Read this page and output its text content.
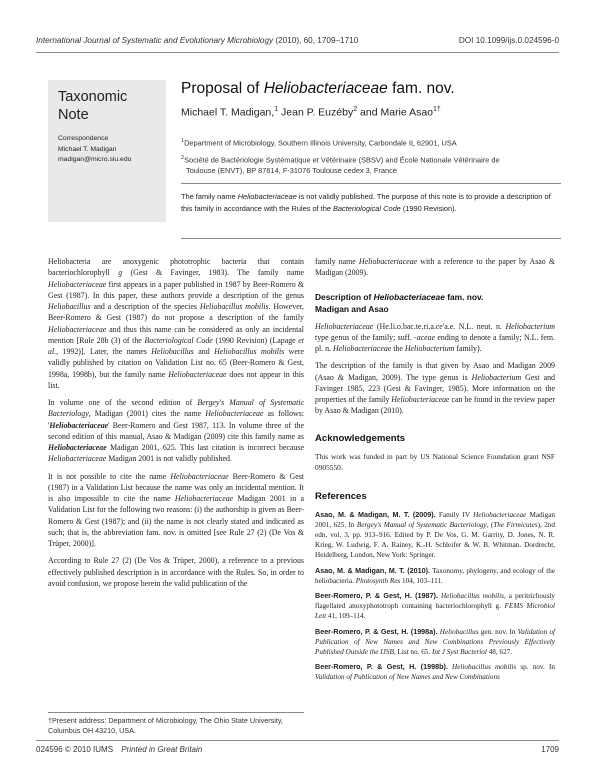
International Journal of Systematic and Evolutionary Microbiology (2010), 60, 1709–1710	DOI 10.1099/ijs.0.024596-0
Taxonomic
Note
Correspondence
Michael T. Madigan
madigan@micro.siu.edu
Proposal of Heliobacteriaceae fam. nov.
Michael T. Madigan,$^1$ Jean P. Euzéby$^2$ and Marie Asao$^{1\dagger}$
$^1$Department of Microbiology, Southern Illinois University, Carbondale IL 62901, USA
$^2$Société de Bactériologie Systématique et Vétérinaire (SBSV) and École Nationale Vétérinaire de
Toulouse (ENVT), BP 87614, F-31076 Toulouse cedex 3, France
The family name Heliobacteriaceae is not validly published. The purpose of this note is to provide a description of this family in accordance with the Rules of the Bacteriological Code (1990 Revision).

Heliobacteria are anoxygenic phototrophic bacteria that contain bacteriochlorophyll g (Gest & Favinger, 1983). The family name Heliobacteriaceae first appears in a paper published in 1987 by Beer-Romero & Gest (1987). In this paper, these authors provide a description of the genus Heliobacillus and a description of the species Heliobacillus mobilis. However, Beer-Romero & Gest (1987) do not propose a description of the family Heliobacteriaceae and thus this name can be considered as only an incidental mention [Rule 28b (3) of the Bacteriological Code (1990 Revision) (Lapage et al., 1992)]. Later, the names Heliobacillus and Heliobacillus mobilis were validly published by citation on Validation List no. 65 (Beer-Romero & Gest, 1998a, 1998b), but the family name Heliobacteriaceae does not appear in this list.

In volume one of the second edition of Bergey's Manual of Systematic Bacteriology, Madigan (2001) cites the name Heliobacteriaceae as follows: 'Heliobacteriaceae' Beer-Romero and Gest 1987, 113. In volume three of the second edition of this manual, Asao & Madigan (2009) cite this family name as Heliobacteriaceae Madigan 2001, 625. This last citation is incorrect because Heliobacteriaceae Madigan 2001 is not validly published.

It is not possible to cite the name Heliobacteriaceae Beer-Romero & Gest (1987) in a Validation List because the name was only an incidental mention. It is also impossible to cite the name Heliobacteriaceae Madigan 2001 in a Validation List for the following two reasons: (i) the authorship is given as Beer-Romero & Gest (1987); and (ii) the name is not clearly stated and indicated as such; that is, the abbreviation fam. nov. is omitted [see Rule 27 (2) (De Vos & Trüper, 2000)].

According to Rule 27 (2) (De Vos & Trüper, 2000), a reference to a previous effectively published description is in accordance with the Rules. So, in order to avoid confusion, we propose herein the valid publication of the

†Present address: Department of Microbiology, The Ohio State University, Columbus OH 43210, USA.

family name Heliobacteriaceae with a reference to the paper by Asao & Madigan (2009).

Description of Heliobacteriaceae fam. nov.
Madigan and Asao

Heliobacteriaceae (He.li.o.bac.te.ri.a.ce'a.e. N.L. neut. n. Heliobacterium type genus of the family; suff. -aceae ending to denote a family; N.L. fem. pl. n. Heliobacteriaceae the Heliobacterium family).

The description of the family is that given by Asao and Madigan 2009 (Asao & Madigan, 2009). The type genus is Heliobacterium Gest and Favinger 1985, 223 (Gest & Favinger, 1985). More information on the properties of the family Heliobacteriaceae can be found in the review paper by Asao & Madigan (2010).

Acknowledgements

This work was funded in part by US National Science Foundation grant NSF 0905550.

References
Asao, M. & Madigan, M. T. (2009). Family IV Heliobacteriaceae Madigan 2001, 625. In Bergey's Manual of Systematic Bacteriology, (The Firmicutes), 2nd edn, vol. 3, pp. 913–916. Edited by P. De Vos, G. M. Garrity, D. Jones, N. R. Krieg, W. Ludwig, F. A. Rainey, K.-H. Schleifer & W. B. Whitman. Dordrecht, Heidelberg, London, New York: Springer.
Asao, M. & Madigan, M. T. (2010). Taxonomy, phylogeny, and ecology of the heliobacteria. Photosynth Res 104, 103–111.
Beer-Romero, P. & Gest, H. (1987). Heliobacillus mobilis, a peritrichously flagellated anoxyphototroph containing bacteriochlorophyll g. FEMS Microbiol Lett 41, 109–114.
Beer-Romero, P. & Gest, H. (1998a). Heliobacillus gen. nov. In Validation of Publication of New Names and New Combinations Previously Effectively Published Outside the IJSB, List no. 65. Int J Syst Bacteriol 48, 627.
Beer-Romero, P. & Gest, H. (1998b). Heliobacillus mobilis sp. nov. In Validation of Publication of New Names and New Combinations
024596 © 2010 IUMS Printed in Great Britain	1709
